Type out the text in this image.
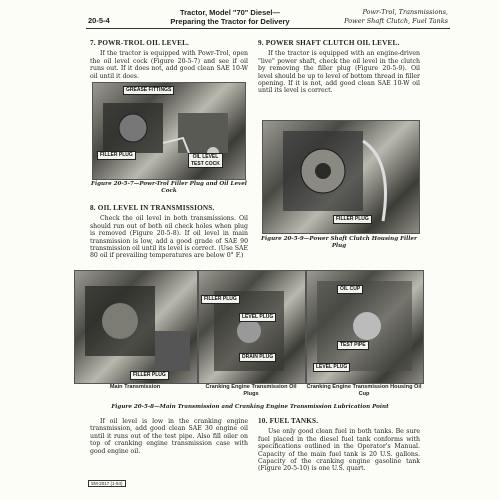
20-5-4
Tractor, Model "70" Diesel—
Preparing the Tractor for Delivery
Powr-Trol, Transmissions,
Power Shaft Clutch, Fuel Tanks
7. POWR-TROL OIL LEVEL.

If the tractor is equipped with Powr-Trol, open the oil level cock (Figure 20-5-7) and see if oil runs out. If it does not, add good clean SAE 10-W oil until it does.

GREASE FITTINGS
FILLER PLUG	OIL LEVEL
TEST COCK
Figure 20-5-7—Powr-Trol Filler Plug and Oil Level Cock
8. OIL LEVEL IN TRANSMISSIONS.

Check the oil level in both transmissions. Oil should run out of both oil check holes when plug is removed (Figure 20-5-8). If oil level in main transmission is low, add a good grade of SAE 90 transmission oil until its level is correct. (Use SAE 80 oil if prevailing temperatures are below 0° F.)

9. POWER SHAFT CLUTCH OIL LEVEL.

If the tractor is equipped with an engine-driven "live" power shaft, check the oil level in the clutch by removing the filler plug (Figure 20-5-9). Oil level should be up to level of bottom thread in filler opening. If it is not, add good clean SAE 10-W oil until its level is correct.

FILLER PLUG
Figure 20-5-9—Power Shaft Clutch Housing Filler Plug
FILLER PLUG
Main Transmission
FILLER PLUG
LEVEL PLUG
DRAIN PLUG
Cranking Engine Transmission Oil Plugs
OIL CUP
TEST PIPE
LEVEL PLUG
Cranking Engine Transmission Housing Oil Cup
Figure 20-5-8—Main Transmission and Cranking Engine Transmission Lubrication Point

If oil level is low in the cranking engine transmission, add good clean SAE 30 engine oil until it runs out of the test pipe. Also fill oiler on top of cranking engine transmission case with good engine oil.

10. FUEL TANKS.

Use only good clean fuel in both tanks. Be sure fuel placed in the diesel fuel tank conforms with specifications outlined in the Operator's Manual. Capacity of the main fuel tank is 20 U.S. gallons. Capacity of the cranking engine gasoline tank (Figure 20-5-10) is one U.S. quart.

SM-2017 (1-54)
